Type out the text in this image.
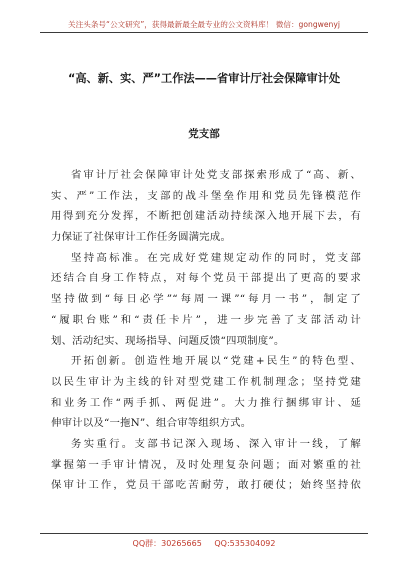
关注头条号“公文研究”，获得最新最全最专业的公文资料库！ 微信：gongwenyj
“高、新、实、严”工作法——省审计厅社会保障审计处
党支部
省审计厅社会保障审计处党支部探索形成了“高、新、
实、严”工作法，支部的战斗堡垒作用和党员先锋模范作
用得到充分发挥，不断把创建活动持续深入地开展下去，有
力保证了社保审计工作任务圆满完成。
坚持高标准。在完成好党建规定动作的同时，党支部
还结合自身工作特点，对每个党员干部提出了更高的要求
坚持做到“每日必学”“每周一课”“每月一书”，制定了
“履职台账”和“责任卡片”，进一步完善了支部活动计
划、活动纪实、现场指导、问题反馈“四项制度”。
开拓创新。创造性地开展以“党建+民生”的特色型、
以民生审计为主线的针对型党建工作机制理念；坚持党建
和业务工作“两手抓、两促进”。大力推行捆绑审计、延
伸审计以及“一拖N”、组合审等组织方式。
务实重行。支部书记深入现场、深入审计一线，了解
掌握第一手审计情况，及时处理复杂问题；面对繁重的社
保审计工作，党员干部吃苦耐劳，敢打硬仗；始终坚持依
QQ群：30265665 QQ:535304092
